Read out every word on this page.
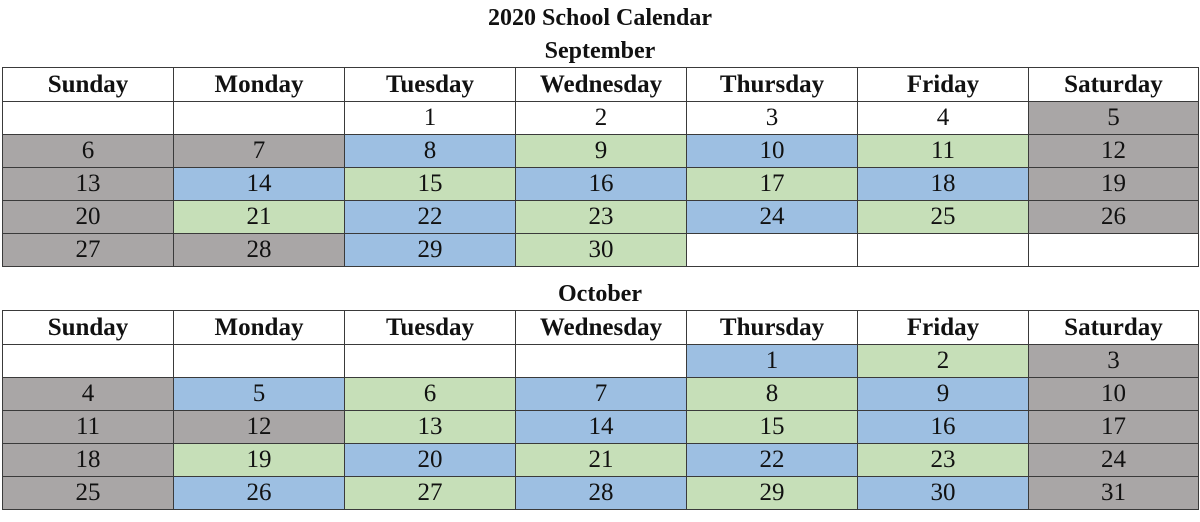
2020 School Calendar
September
Sunday	Monday	Tuesday	Wednesday	Thursday	Friday	Saturday
		1	2	3	4	5
6	7	8	9	10	11	12
13	14	15	16	17	18	19
20	21	22	23	24	25	26
27	28	29	30			
October
Sunday	Monday	Tuesday	Wednesday	Thursday	Friday	Saturday
				1	2	3
4	5	6	7	8	9	10
11	12	13	14	15	16	17
18	19	20	21	22	23	24
25	26	27	28	29	30	31
